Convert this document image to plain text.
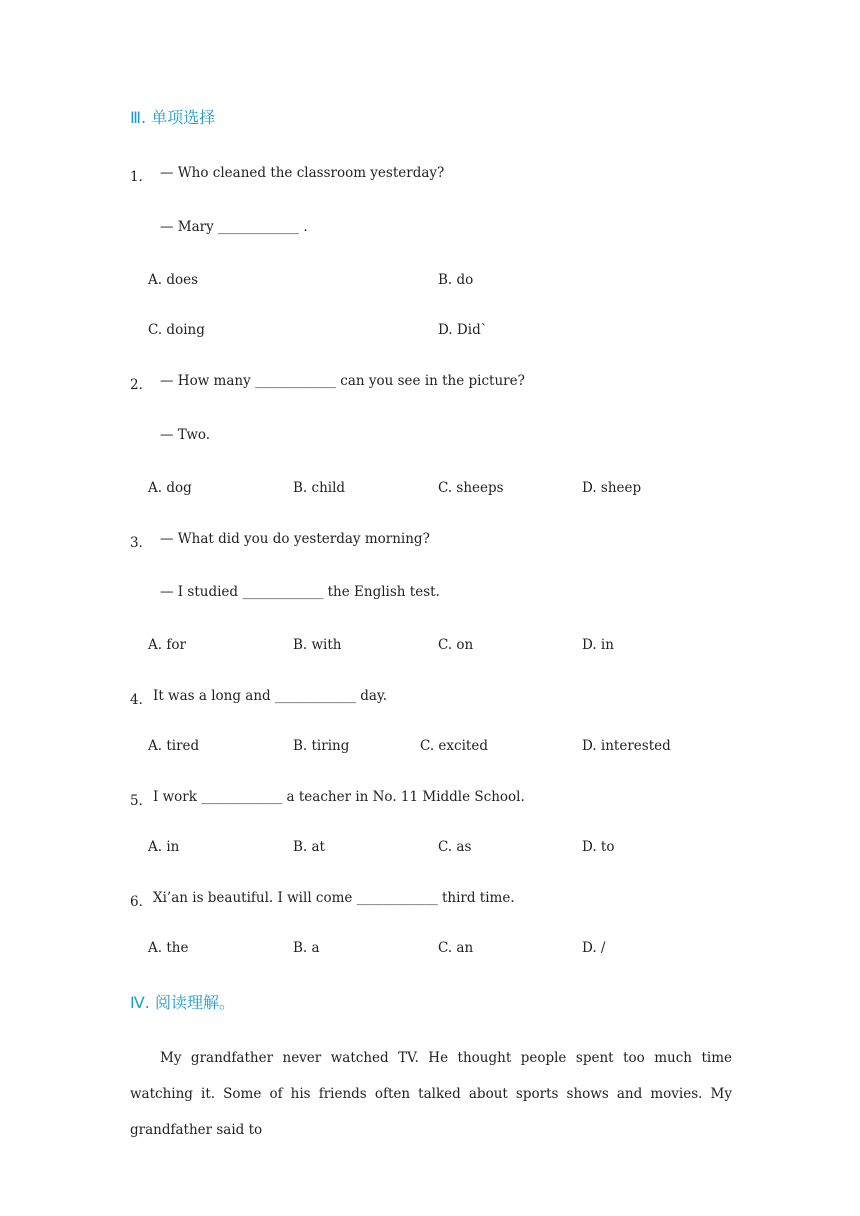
Ⅲ. 单项选择
1． — Who cleaned the classroom yesterday?
— Mary ____________ .
A. does	B. do
C. doing	D. Did`
2． — How many ____________ can you see in the picture?
— Two.
A. dog	B. child	C. sheeps	D. sheep
3． — What did you do yesterday morning?
— I studied ____________ the English test.
A. for	B. with	C. on	D. in
4． It was a long and ____________ day.
A. tired	B. tiring	C. excited	D. interested
5． I work ____________ a teacher in No. 11 Middle School.
A. in	B. at	C. as	D. to
6． Xi’an is beautiful. I will come ____________ third time.
A. the	B. a	C. an	D. /
Ⅳ. 阅读理解。

My grandfather never watched TV. He thought people spent too much time watching it. Some of his friends often talked about sports shows and movies. My grandfather said to
